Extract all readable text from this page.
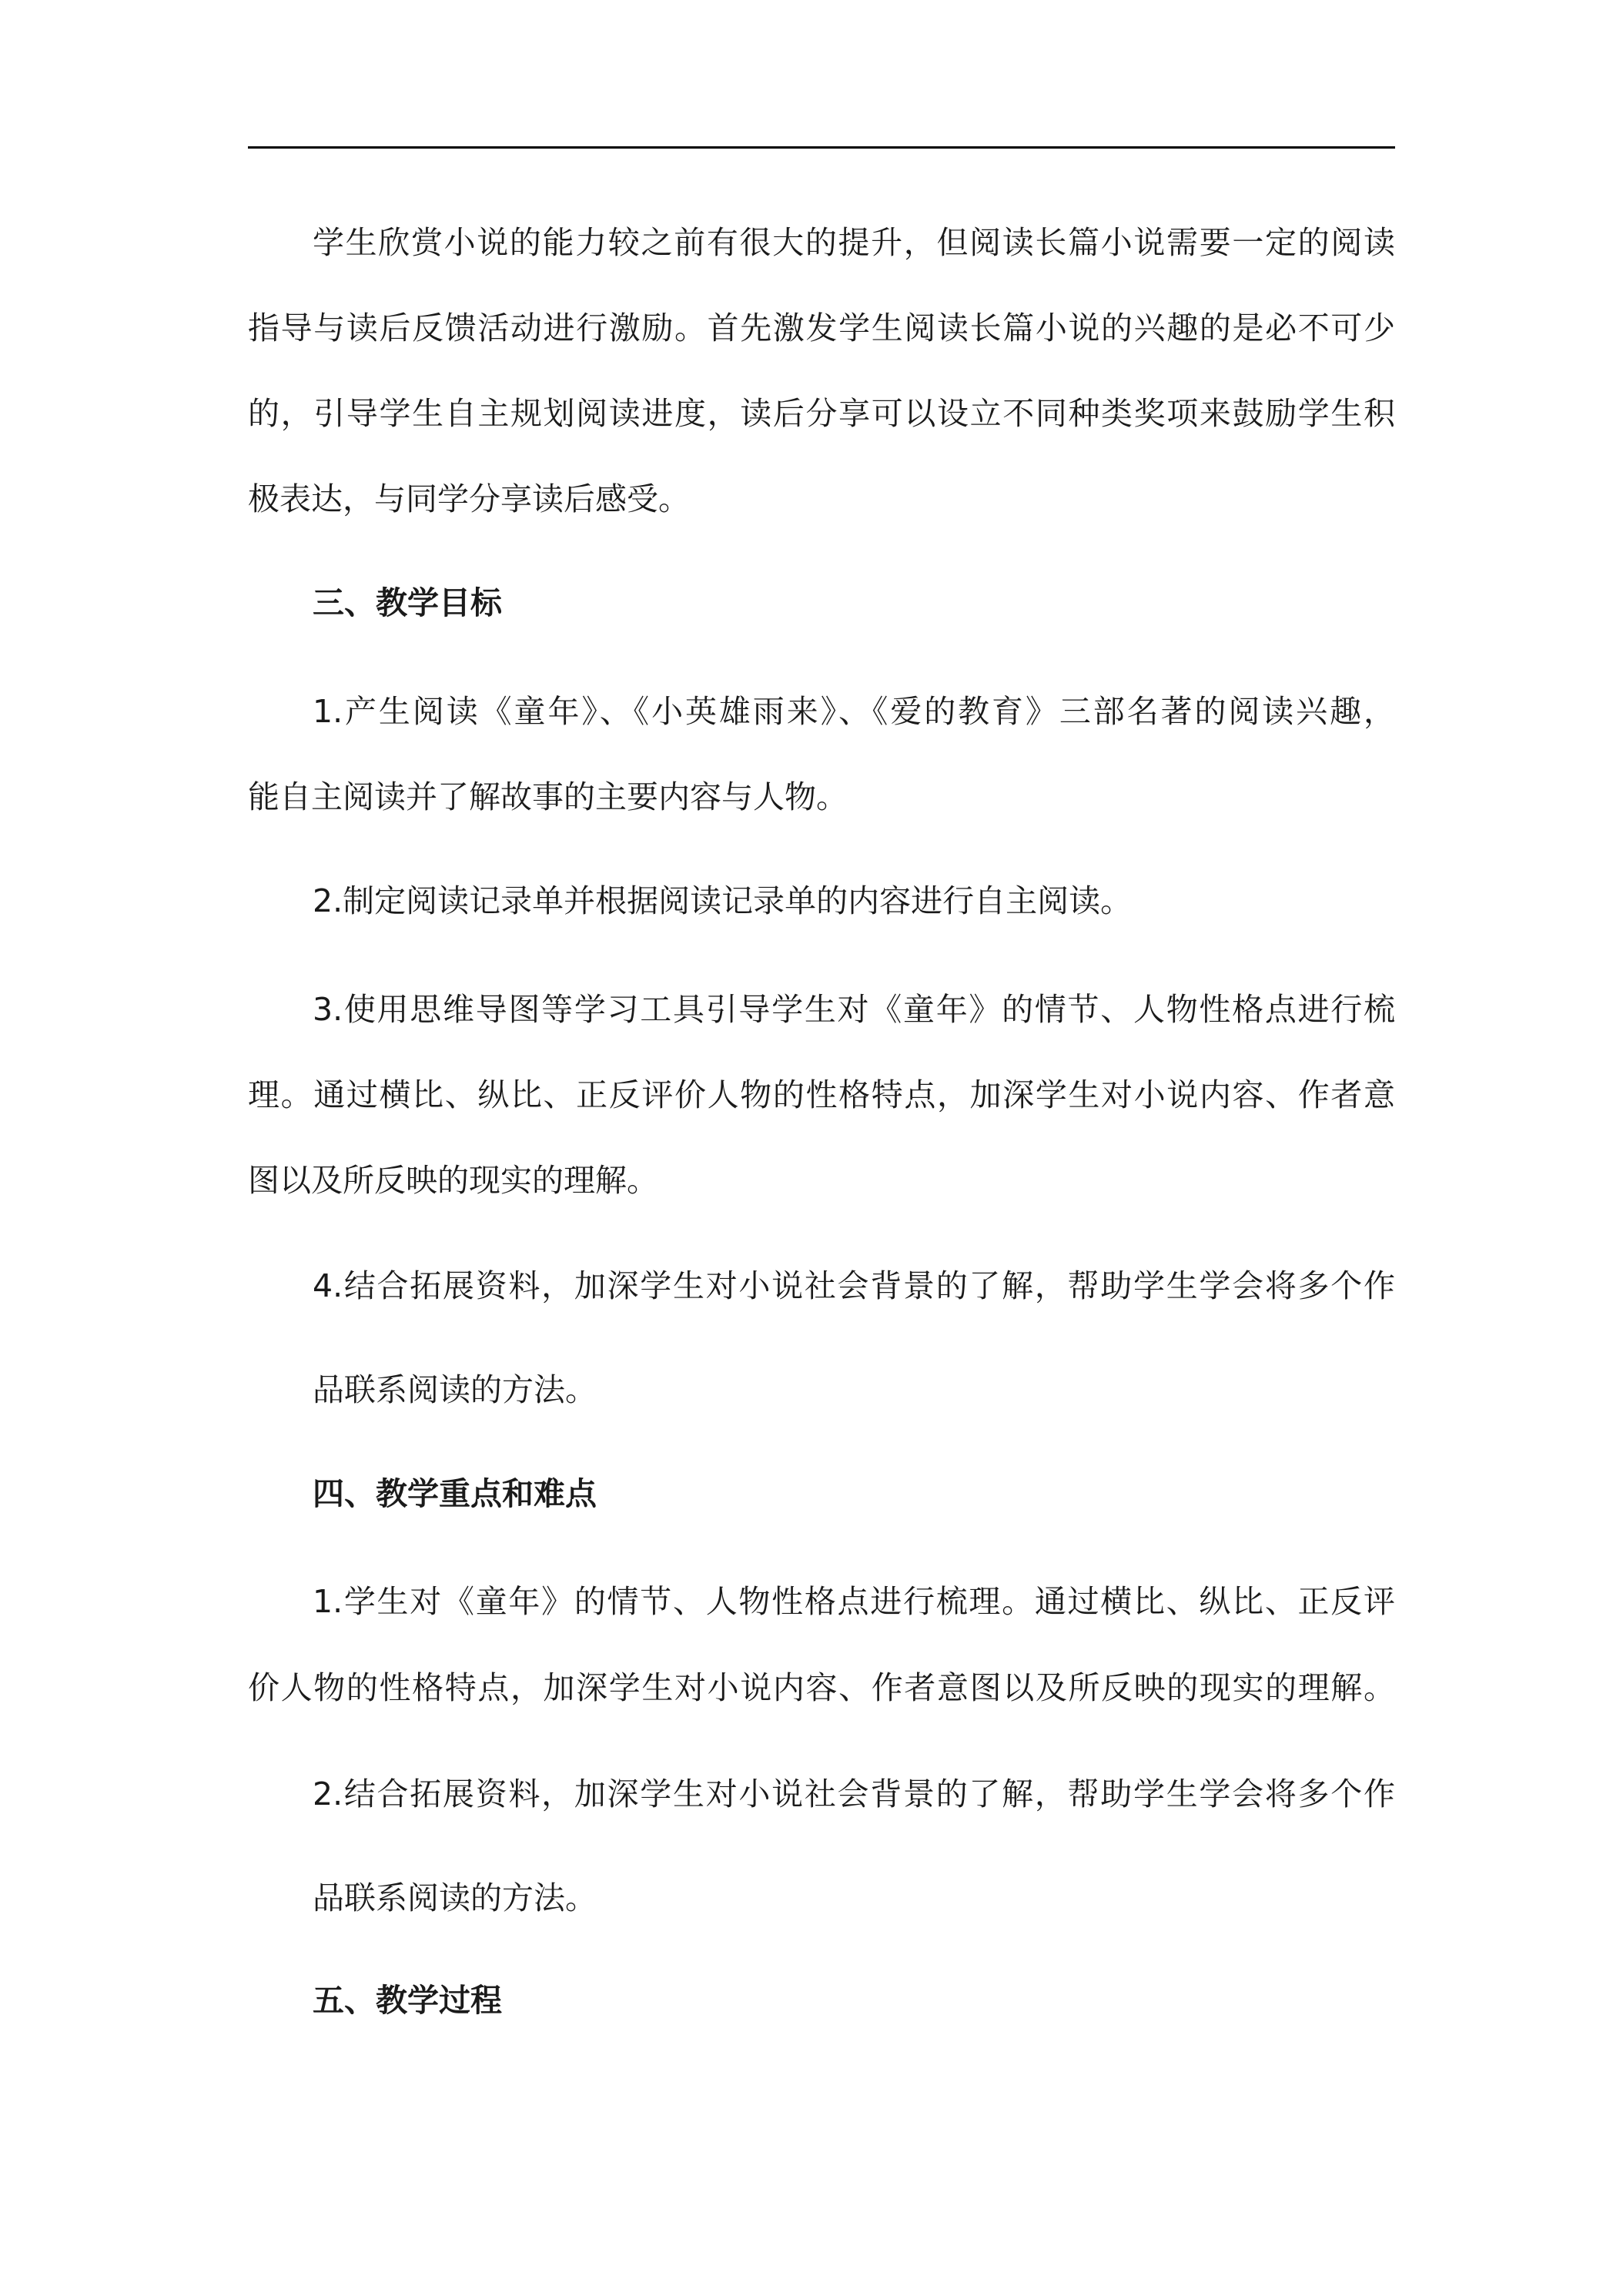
学生欣赏小说的能力较之前有很大的提升，但阅读长篇小说需要一定的阅读
指导与读后反馈活动进行激励。首先激发学生阅读长篇小说的兴趣的是必不可少
的，引导学生自主规划阅读进度，读后分享可以设立不同种类奖项来鼓励学生积
极表达，与同学分享读后感受。
三、教学目标
1.产生阅读《童年》、《小英雄雨来》、《爱的教育》三部名著的阅读兴趣，
能自主阅读并了解故事的主要内容与人物。
2.制定阅读记录单并根据阅读记录单的内容进行自主阅读。
3.使用思维导图等学习工具引导学生对《童年》的情节、人物性格点进行梳
理。通过横比、纵比、正反评价人物的性格特点，加深学生对小说内容、作者意
图以及所反映的现实的理解。
4.结合拓展资料，加深学生对小说社会背景的了解，帮助学生学会将多个作
品联系阅读的方法。
四、教学重点和难点
1.学生对《童年》的情节、人物性格点进行梳理。通过横比、纵比、正反评
价人物的性格特点，加深学生对小说内容、作者意图以及所反映的现实的理解。
2.结合拓展资料，加深学生对小说社会背景的了解，帮助学生学会将多个作
品联系阅读的方法。
五、教学过程
